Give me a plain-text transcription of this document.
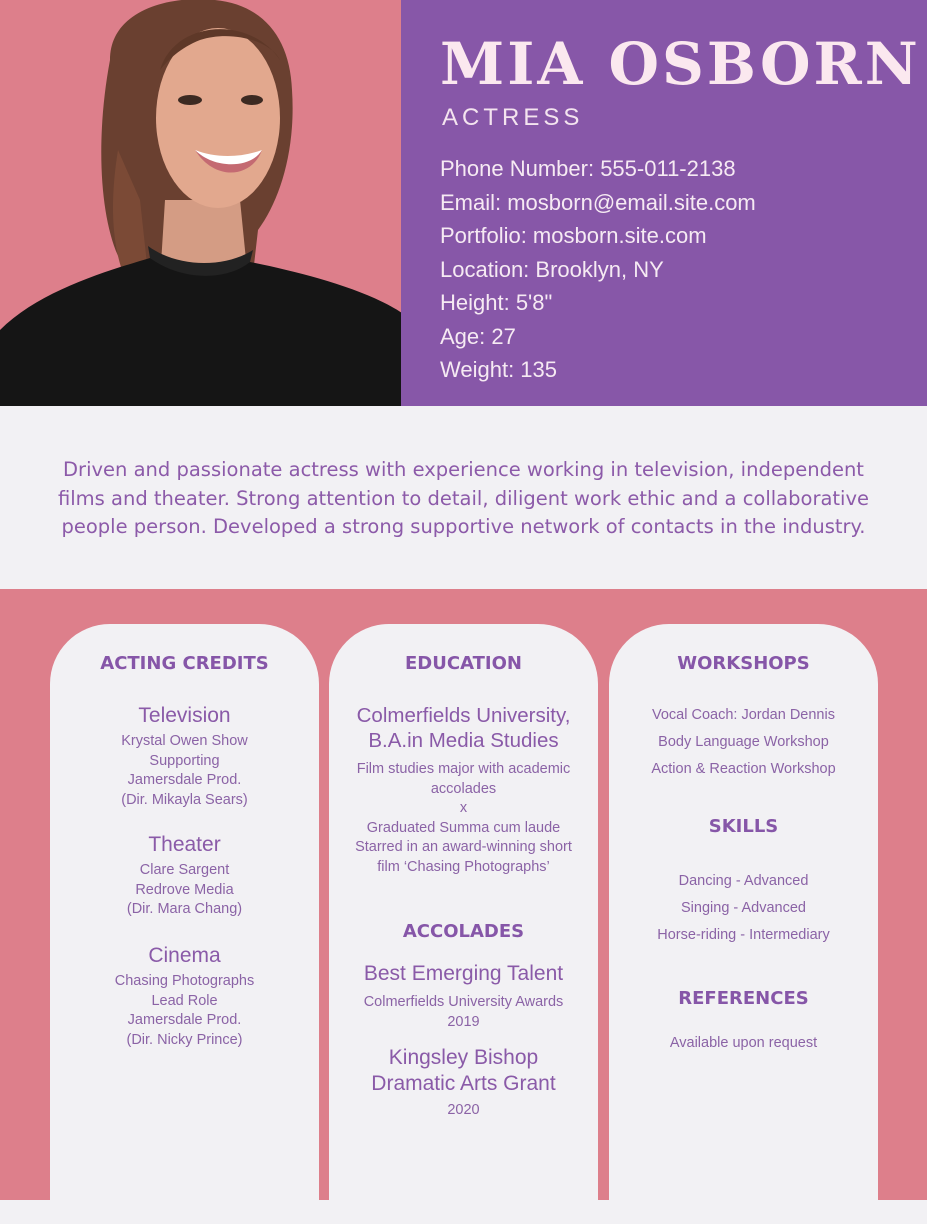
MIA OSBORN
ACTRESS
Phone Number: 555-011-2138
Email: mosborn@email.site.com
Portfolio: mosborn.site.com
Location: Brooklyn, NY
Height: 5'8"
Age: 27
Weight: 135

Driven and passionate actress with experience working in television, independent films and theater. Strong attention to detail, diligent work ethic and a collaborative people person. Developed a strong supportive network of contacts in the industry.

ACTING CREDITS
Television
Krystal Owen Show
Supporting
Jamersdale Prod.
(Dir. Mikayla Sears)
Theater
Clare Sargent
Redrove Media
(Dir. Mara Chang)
Cinema
Chasing Photographs
Lead Role
Jamersdale Prod.
(Dir. Nicky Prince)
EDUCATION
Colmerfields University,
B.A.in Media Studies
Film studies major with academic
accolades
x
Graduated Summa cum laude
Starred in an award-winning short
film ‘Chasing Photographs’
ACCOLADES
Best Emerging Talent
Colmerfields University Awards
2019
Kingsley Bishop
Dramatic Arts Grant
2020
WORKSHOPS
Vocal Coach: Jordan Dennis
Body Language Workshop
Action & Reaction Workshop
SKILLS
Dancing - Advanced
Singing - Advanced
Horse-riding - Intermediary
REFERENCES
Available upon request
